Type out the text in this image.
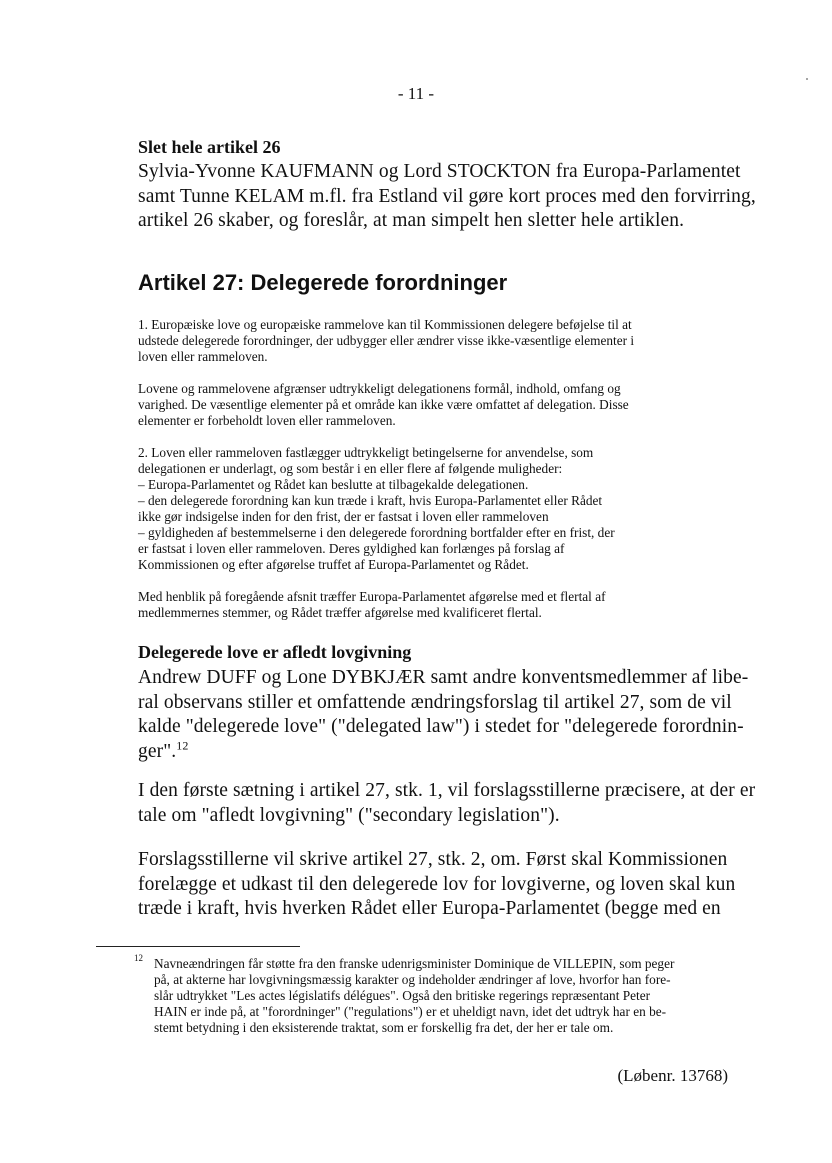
- 11 -
Slet hele artikel 26
Sylvia-Yvonne KAUFMANN og Lord STOCKTON fra Europa-Parlamentet
samt Tunne KELAM m.fl. fra Estland vil gøre kort proces med den forvirring,
artikel 26 skaber, og foreslår, at man simpelt hen sletter hele artiklen.
Artikel 27: Delegerede forordninger

1. Europæiske love og europæiske rammelove kan til Kommissionen delegere beføjelse til at
udstede delegerede forordninger, der udbygger eller ændrer visse ikke-væsentlige elementer i
loven eller rammeloven.

Lovene og rammelovene afgrænser udtrykkeligt delegationens formål, indhold, omfang og
varighed. De væsentlige elementer på et område kan ikke være omfattet af delegation. Disse
elementer er forbeholdt loven eller rammeloven.

2. Loven eller rammeloven fastlægger udtrykkeligt betingelserne for anvendelse, som
delegationen er underlagt, og som består i en eller flere af følgende muligheder:
– Europa-Parlamentet og Rådet kan beslutte at tilbagekalde delegationen.
– den delegerede forordning kan kun træde i kraft, hvis Europa-Parlamentet eller Rådet
ikke gør indsigelse inden for den frist, der er fastsat i loven eller rammeloven
– gyldigheden af bestemmelserne i den delegerede forordning bortfalder efter en frist, der
er fastsat i loven eller rammeloven. Deres gyldighed kan forlænges på forslag af
Kommissionen og efter afgørelse truffet af Europa-Parlamentet og Rådet.

Med henblik på foregående afsnit træffer Europa-Parlamentet afgørelse med et flertal af
medlemmernes stemmer, og Rådet træffer afgørelse med kvalificeret flertal.

Delegerede love er afledt lovgivning
Andrew DUFF og Lone DYBKJÆR samt andre konventsmedlemmer af libe-
ral observans stiller et omfattende ændringsforslag til artikel 27, som de vil
kalde "delegerede love" ("delegated law") i stedet for "delegerede forordnin-
ger".$^{12}$
I den første sætning i artikel 27, stk. 1, vil forslagsstillerne præcisere, at der er
tale om "afledt lovgivning" ("secondary legislation").
Forslagsstillerne vil skrive artikel 27, stk. 2, om. Først skal Kommissionen
forelægge et udkast til den delegerede lov for lovgiverne, og loven skal kun
træde i kraft, hvis hverken Rådet eller Europa-Parlamentet (begge med en
12 Navneændringen får støtte fra den franske udenrigsminister Dominique de VILLEPIN, som peger
på, at akterne har lovgivningsmæssig karakter og indeholder ændringer af love, hvorfor han fore-
slår udtrykket "Les actes législatifs délégues". Også den britiske regerings repræsentant Peter
HAIN er inde på, at "forordninger" ("regulations") er et uheldigt navn, idet det udtryk har en be-
stemt betydning i den eksisterende traktat, som er forskellig fra det, der her er tale om.
(Løbenr. 13768)
